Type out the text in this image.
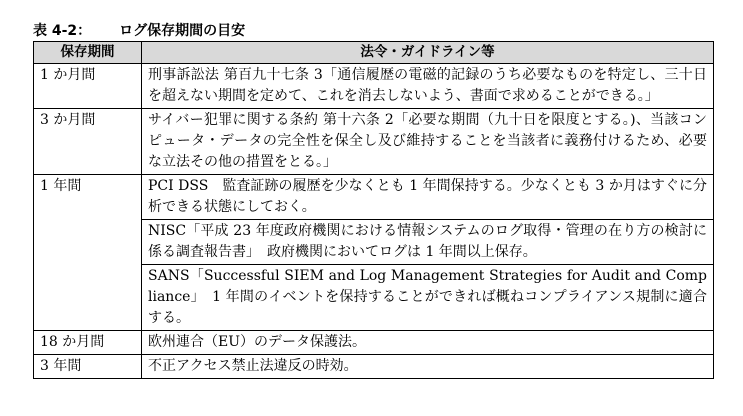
表 4-2： ログ保存期間の目安
保存期間	法令・ガイドライン等
1 か月間	刑事訴訟法 第百九十七条 3「通信履歴の電磁的記録のうち必要なものを特定し、三十日を超えない期間を定めて、これを消去しないよう、書面で求めることができる。」
3 か月間	サイバー犯罪に関する条約 第十六条 2「必要な期間（九十日を限度とする。)、当該コンピュータ・データの完全性を保全し及び維持することを当該者に義務付けるため、必要な立法その他の措置をとる。」
1 年間	PCI DSS　監査証跡の履歴を少なくとも 1 年間保持する。少なくとも 3 か月はすぐに分析できる状態にしておく。
	NISC「平成 23 年度政府機関における情報システムのログ取得・管理の在り方の検討に係る調査報告書」　政府機関においてログは 1 年間以上保存。
	SANS「Successful SIEM and Log Management Strategies for Audit and Compliance」　1 年間のイベントを保持することができれば概ねコンプライアンス規制に適合する。
18 か月間	欧州連合（EU）のデータ保護法。
3 年間	不正アクセス禁止法違反の時効。
